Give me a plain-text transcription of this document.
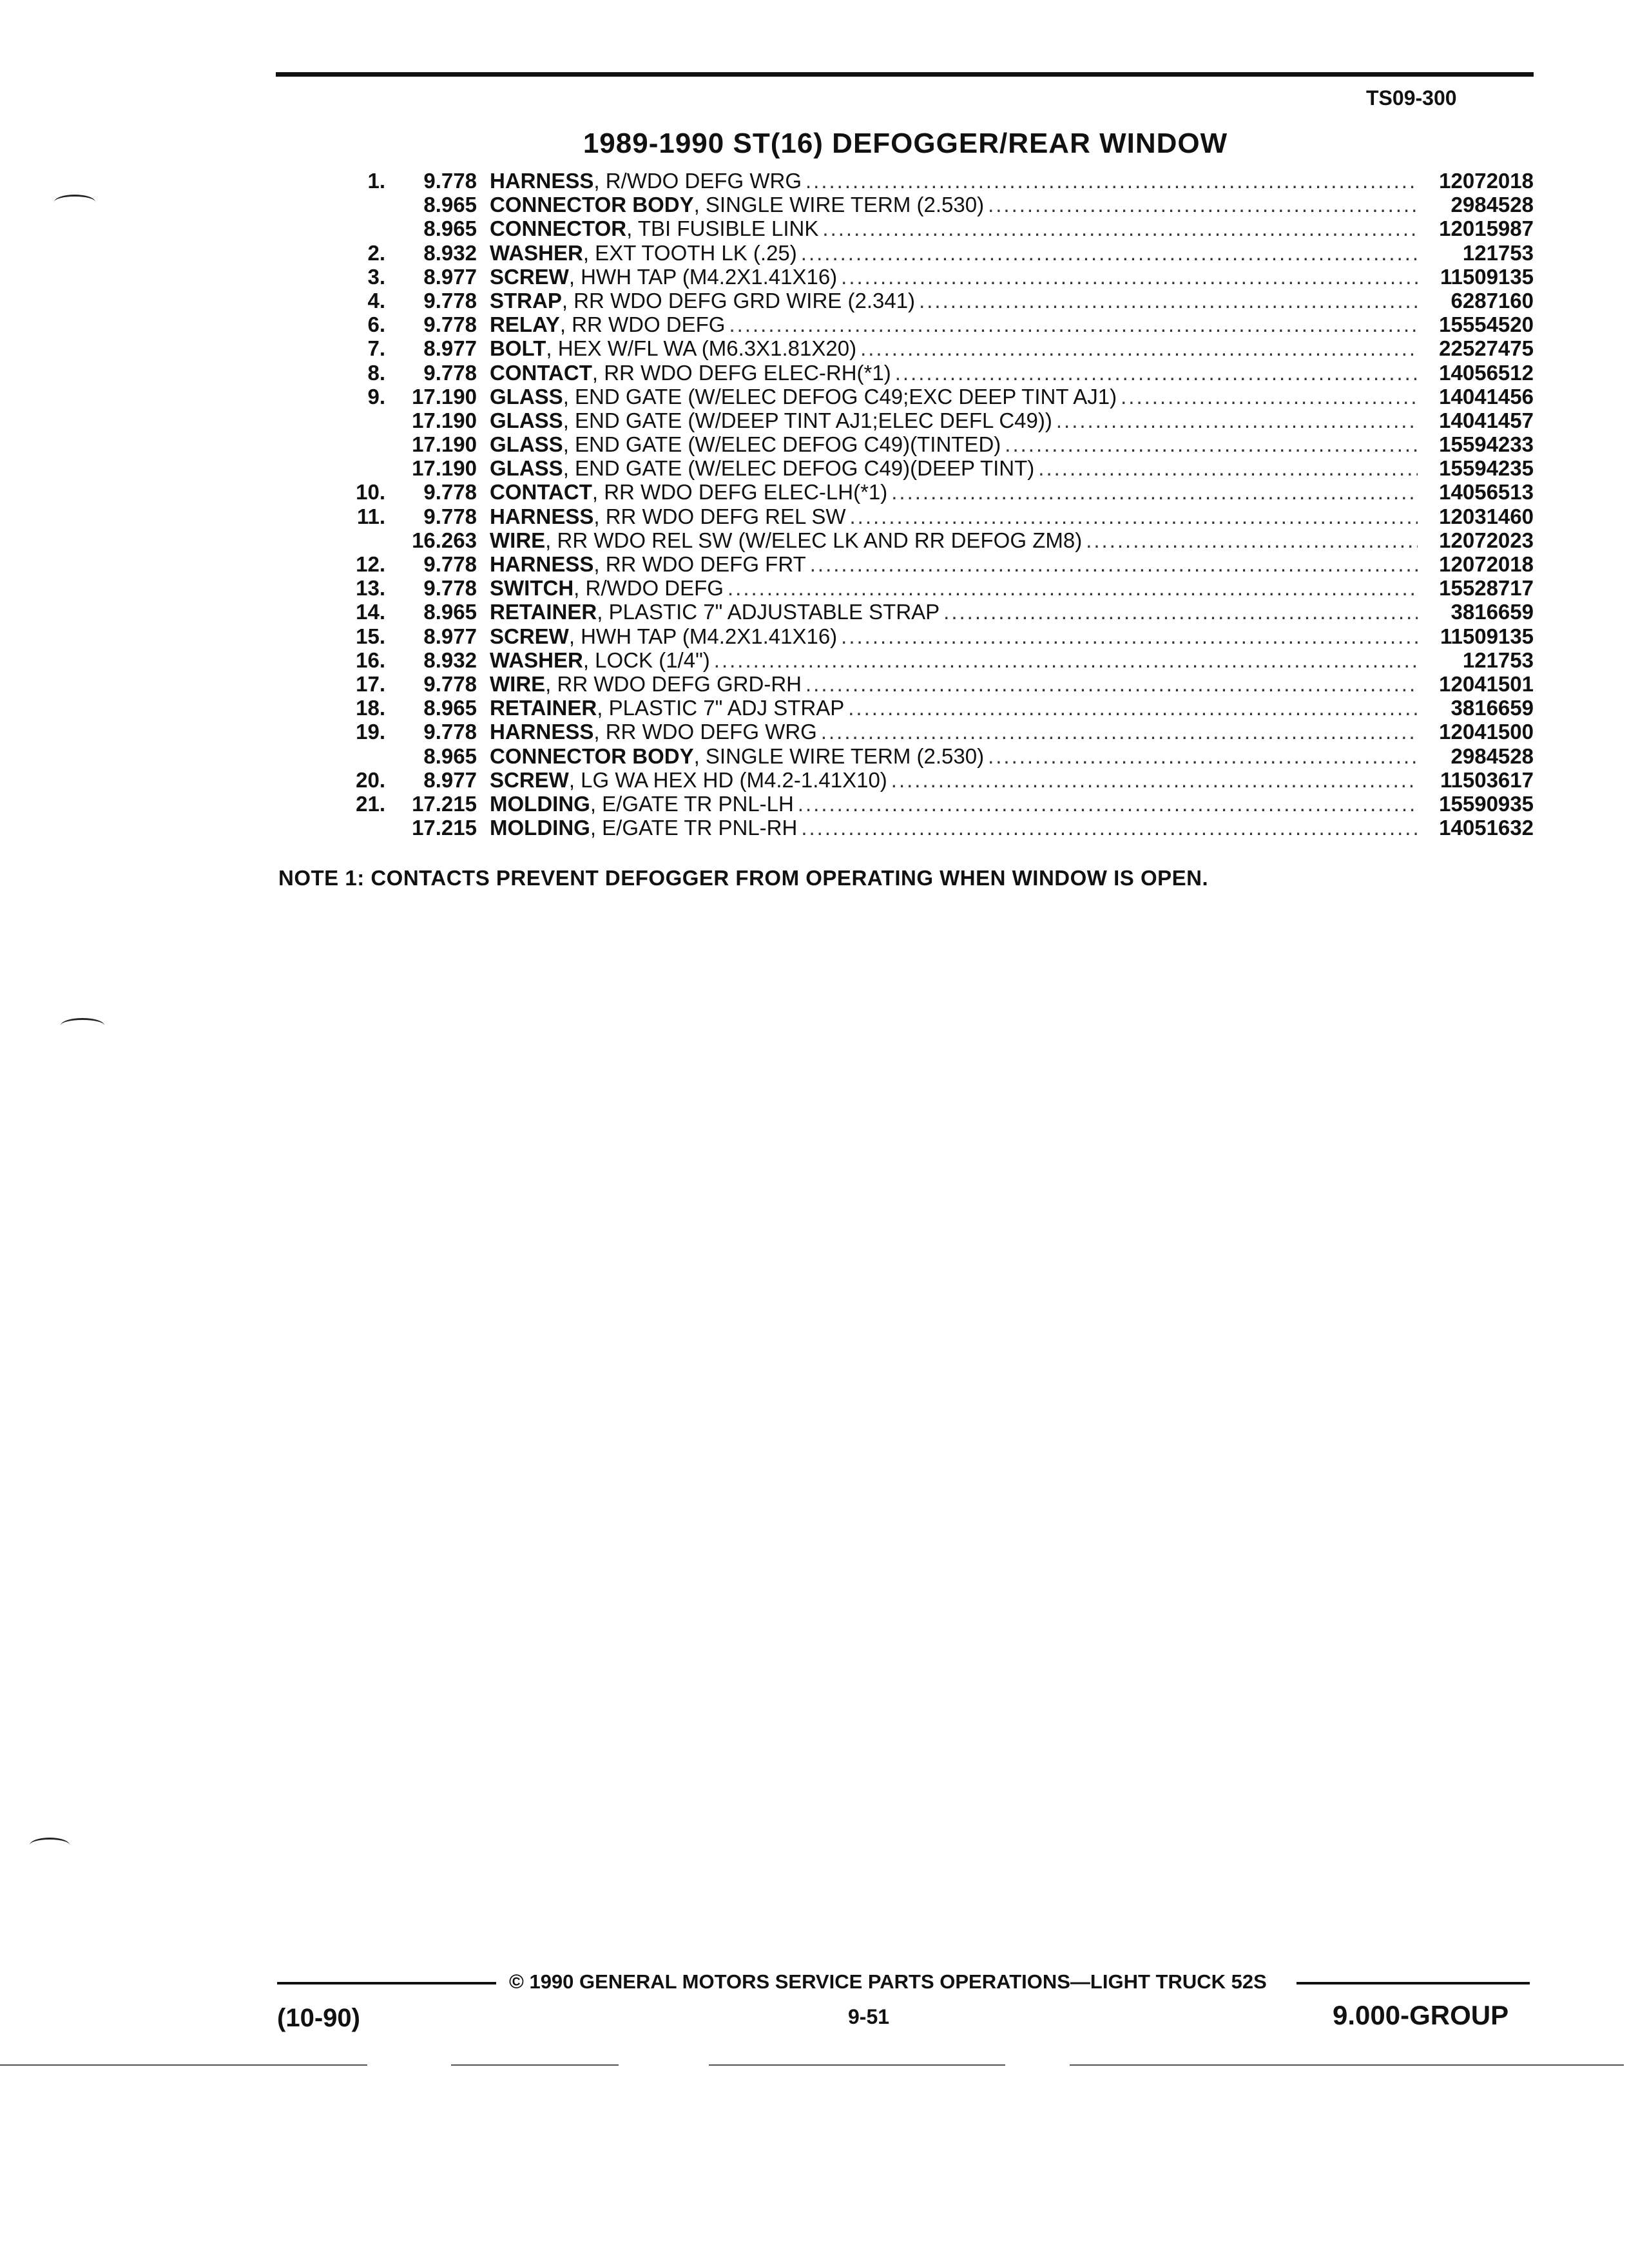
TS09-300
1989-1990 ST(16) DEFOGGER/REAR WINDOW
1.	9.778 HARNESS , R/WDO DEFG WRG .....	12072018
8.965 CONNECTOR BODY , SINGLE WIRE TERM (2.530) .....	2984528
8.965 CONNECTOR , TBI FUSIBLE LINK .....	12015987
2.	8.932 WASHER , EXT TOOTH LK (.25) .....	121753
3.	8.977 SCREW , HWH TAP (M4.2X1.41X16) .....	11509135
4.	9.778 STRAP , RR WDO DEFG GRD WIRE (2.341) .....	6287160
6.	9.778 RELAY , RR WDO DEFG .....	15554520
7.	8.977 BOLT , HEX W/FL WA (M6.3X1.81X20) .....	22527475
8.	9.778 CONTACT , RR WDO DEFG ELEC-RH(*1) .....	14056512
9.	17.190 GLASS , END GATE (W/ELEC DEFOG C49;EXC DEEP TINT AJ1) .....	14041456
17.190 GLASS , END GATE (W/DEEP TINT AJ1;ELEC DEFL C49)) .....	14041457
17.190 GLASS , END GATE (W/ELEC DEFOG C49)(TINTED) .....	15594233
17.190 GLASS , END GATE (W/ELEC DEFOG C49)(DEEP TINT) .....	15594235
10.	9.778 CONTACT , RR WDO DEFG ELEC-LH(*1) .....	14056513
11.	9.778 HARNESS , RR WDO DEFG REL SW .....	12031460
16.263 WIRE , RR WDO REL SW (W/ELEC LK AND RR DEFOG ZM8) .....	12072023
12.	9.778 HARNESS , RR WDO DEFG FRT .....	12072018
13.	9.778 SWITCH , R/WDO DEFG .....	15528717
14.	8.965 RETAINER , PLASTIC 7" ADJUSTABLE STRAP .....	3816659
15.	8.977 SCREW , HWH TAP (M4.2X1.41X16) .....	11509135
16.	8.932 WASHER , LOCK (1/4") .....	121753
17.	9.778 WIRE , RR WDO DEFG GRD-RH .....	12041501
18.	8.965 RETAINER , PLASTIC 7" ADJ STRAP .....	3816659
19.	9.778 HARNESS , RR WDO DEFG WRG .....	12041500
8.965 CONNECTOR BODY , SINGLE WIRE TERM (2.530) .....	2984528
20.	8.977 SCREW , LG WA HEX HD (M4.2-1.41X10) .....	11503617
21.	17.215 MOLDING , E/GATE TR PNL-LH .....	15590935
17.215 MOLDING , E/GATE TR PNL-RH .....	14051632
NOTE 1: CONTACTS PREVENT DEFOGGER FROM OPERATING WHEN WINDOW IS OPEN.
© 1990 GENERAL MOTORS SERVICE PARTS OPERATIONS—LIGHT TRUCK 52S
(10-90)	9-51	9.000-GROUP
